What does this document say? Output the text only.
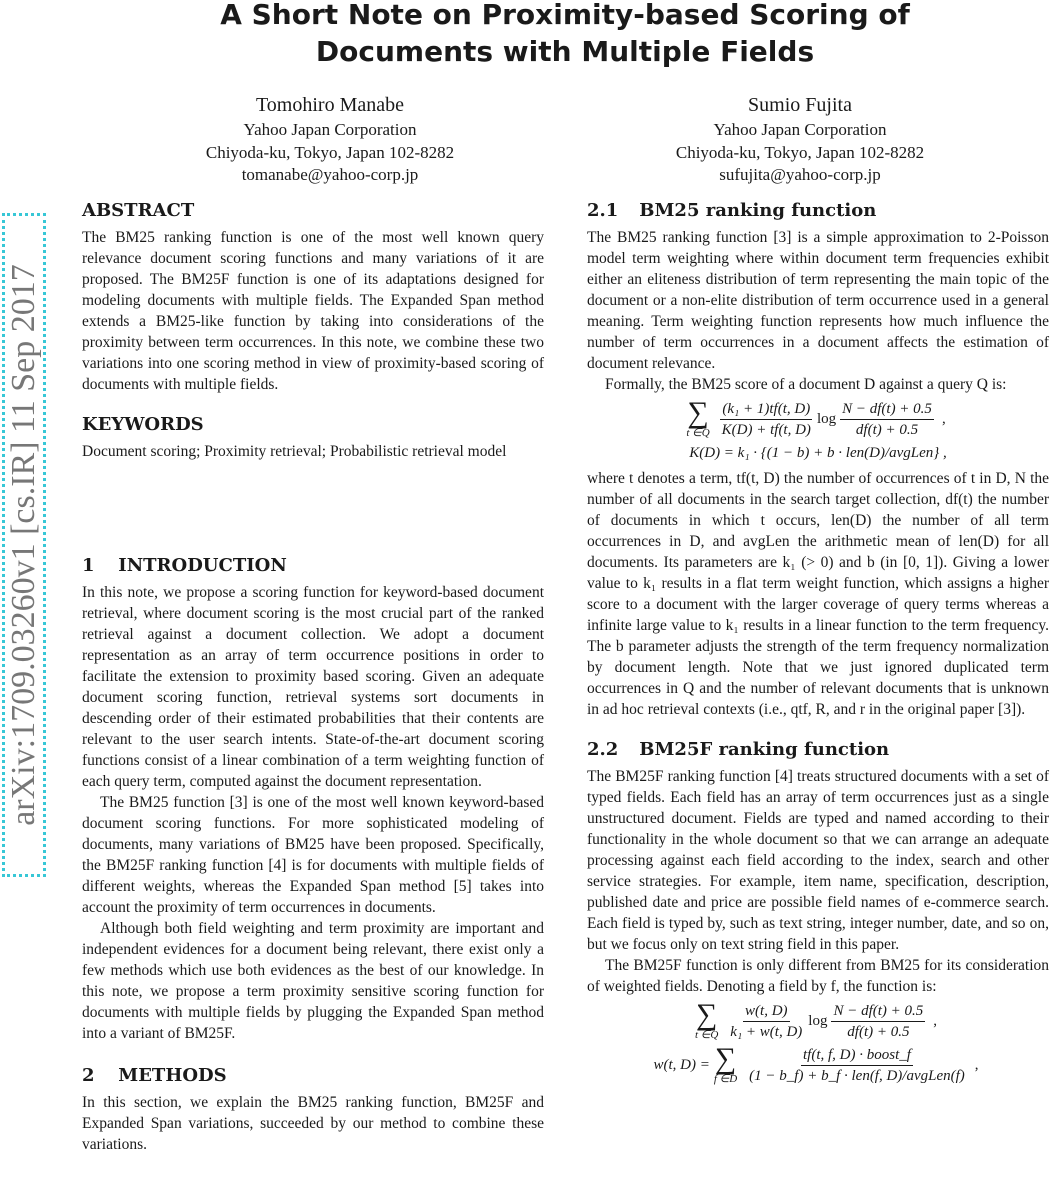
A Short Note on Proximity-based Scoring of
Documents with Multiple Fields
Tomohiro Manabe
Yahoo Japan Corporation
Chiyoda-ku, Tokyo, Japan 102-8282
tomanabe@yahoo-corp.jp
Sumio Fujita
Yahoo Japan Corporation
Chiyoda-ku, Tokyo, Japan 102-8282
sufujita@yahoo-corp.jp
arXiv:1709.03260v1 [cs.IR] 11 Sep 2017
ABSTRACT

The BM25 ranking function is one of the most well known query relevance document scoring functions and many variations of it are proposed. The BM25F function is one of its adaptations designed for modeling documents with multiple fields. The Expanded Span method extends a BM25-like function by taking into considerations of the proximity between term occurrences. In this note, we combine these two variations into one scoring method in view of proximity-based scoring of documents with multiple fields.

KEYWORDS

Document scoring; Proximity retrieval; Probabilistic retrieval model

1 INTRODUCTION

In this note, we propose a scoring function for keyword-based document retrieval, where document scoring is the most crucial part of the ranked retrieval against a document collection. We adopt a document representation as an array of term occurrence positions in order to facilitate the extension to proximity based scoring. Given an adequate document scoring function, retrieval systems sort documents in descending order of their estimated probabilities that their contents are relevant to the user search intents. State-of-the-art document scoring functions consist of a linear combination of a term weighting function of each query term, computed against the document representation.

The BM25 function [3] is one of the most well known keyword-based document scoring functions. For more sophisticated modeling of documents, many variations of BM25 have been proposed. Specifically, the BM25F ranking function [4] is for documents with multiple fields of different weights, whereas the Expanded Span method [5] takes into account the proximity of term occurrences in documents.

Although both field weighting and term proximity are important and independent evidences for a document being relevant, there exist only a few methods which use both evidences as the best of our knowledge. In this note, we propose a term proximity sensitive scoring function for documents with multiple fields by plugging the Expanded Span method into a variant of BM25F.

2 METHODS

In this section, we explain the BM25 ranking function, BM25F and Expanded Span variations, succeeded by our method to combine these variations.

2.1 BM25 ranking function

The BM25 ranking function [3] is a simple approximation to 2-Poisson model term weighting where within document term frequencies exhibit either an eliteness distribution of term representing the main topic of the document or a non-elite distribution of term occurrence used in a general meaning. Term weighting function represents how much influence the number of term occurrences in a document affects the estimation of document relevance.

Formally, the BM25 score of a document D against a query Q is:

∑
t ∈Q $\frac{\text{(k₁ + 1)tf(t, D)}}{K(D) + tf(t, D)}$ $\log \frac{N - df(t) + 0.5}{df(t) + 0.5}$ ,
K(D) = k₁ · {(1 − b) + b · len(D)/avgLen} ,

where t denotes a term, tf(t, D) the number of occurrences of t in D, N the number of all documents in the search target collection, df(t) the number of documents in which t occurs, len(D) the number of all term occurrences in D, and avgLen the arithmetic mean of len(D) for all documents. Its parameters are k₁ (> 0) and b (in [0, 1]). Giving a lower value to k₁ results in a flat term weight function, which assigns a higher score to a document with the larger coverage of query terms whereas a infinite large value to k₁ results in a linear function to the term frequency. The b parameter adjusts the strength of the term frequency normalization by document length. Note that we just ignored duplicated term occurrences in Q and the number of relevant documents that is unknown in ad hoc retrieval contexts (i.e., qtf, R, and r in the original paper [3]).

2.2 BM25F ranking function

The BM25F ranking function [4] treats structured documents with a set of typed fields. Each field has an array of term occurrences just as a single unstructured document. Fields are typed and named according to their functionality in the whole document so that we can arrange an adequate processing against each field according to the index, search and other service strategies. For example, item name, specification, description, published date and price are possible field names of e-commerce search. Each field is typed by, such as text string, integer number, date, and so on, but we focus only on text string field in this paper.

The BM25F function is only different from BM25 for its consideration of weighted fields. Denoting a field by f, the function is:

∑
t ∈Q $\frac{w(t, D)}{\text{k₁ + w(t, D)}}$ $\log \frac{N - df(t) + 0.5}{df(t) + 0.5}$ ,
w(t, D) = ∑
f ∈D $\frac{\text{tf(t, f, D) · boost\_f}}{\text{(1 − b\_f) + b\_f · len(f, D)/avgLen(f)}}$ ,
